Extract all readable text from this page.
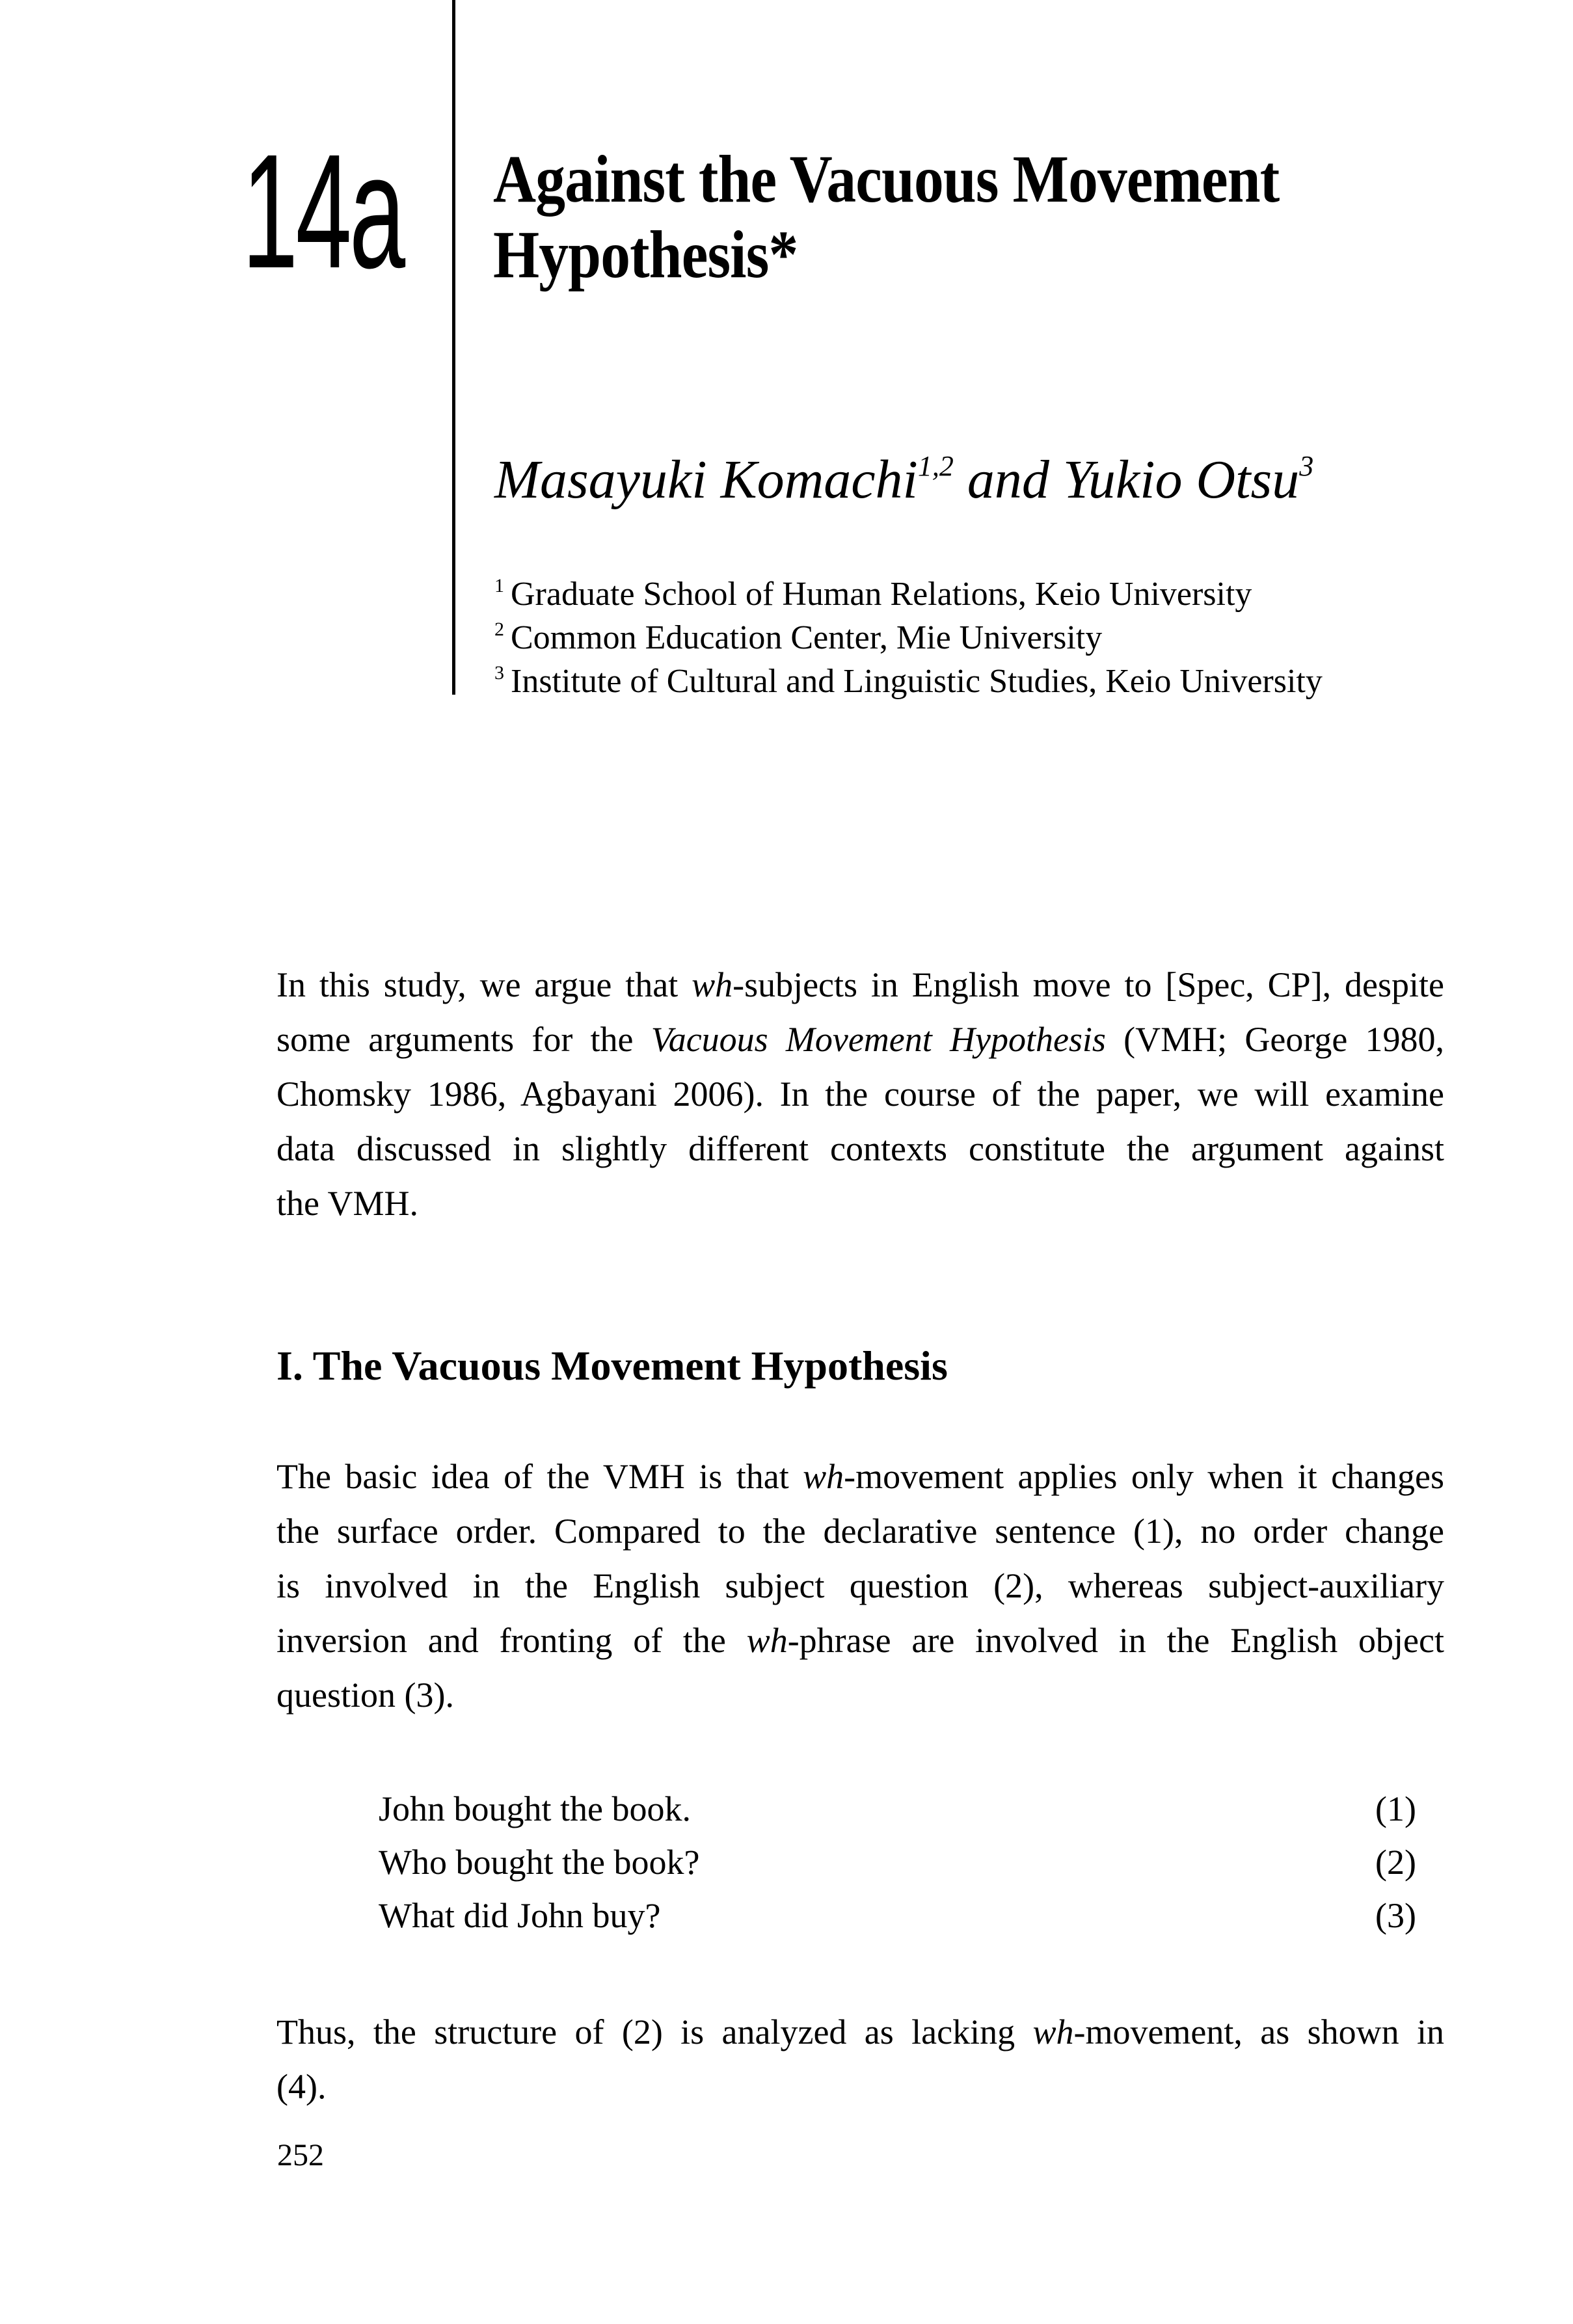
14a Against the Vacuous Movement
Hypothesis*
Masayuki Komachi$^{1,2}$ and Yukio Otsu$^3$
$^1$ Graduate School of Human Relations, Keio University
$^2$ Common Education Center, Mie University
$^3$ Institute of Cultural and Linguistic Studies, Keio University
In this study, we argue that wh-subjects in English move to [Spec, CP], despite
some arguments for the Vacuous Movement Hypothesis (VMH; George 1980,
Chomsky 1986, Agbayani 2006). In the course of the paper, we will examine
data discussed in slightly different contexts constitute the argument against
the VMH.
I. The Vacuous Movement Hypothesis
The basic idea of the VMH is that wh-movement applies only when it changes
the surface order. Compared to the declarative sentence (1), no order change
is involved in the English subject question (2), whereas subject-auxiliary
inversion and fronting of the wh-phrase are involved in the English object
question (3).
John bought the book.	(1)
Who bought the book?	(2)
What did John buy?	(3)
Thus, the structure of (2) is analyzed as lacking wh-movement, as shown in
(4).
252
